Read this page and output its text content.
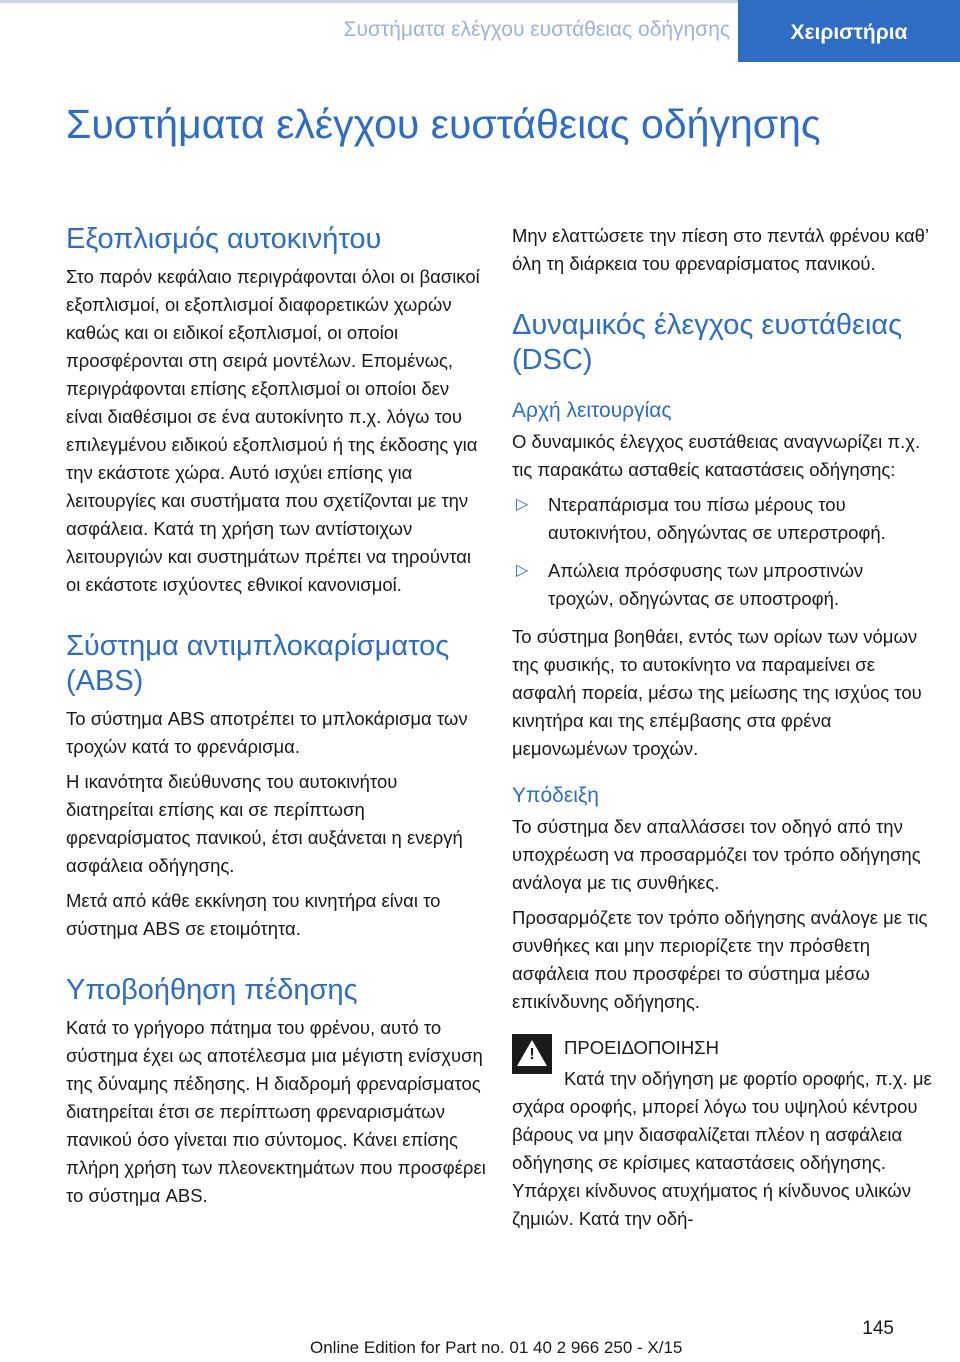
Συστήματα ελέγχου ευστάθειας οδήγησης	Χειριστήρια
Συστήματα ελέγχου ευστάθειας οδήγησης
Εξοπλισμός αυτοκινήτου

Στο παρόν κεφάλαιο περιγράφονται όλοι οι βασικοί εξοπλισμοί, οι εξοπλισμοί διαφορετικών χωρών καθώς και οι ειδικοί εξοπλισμοί, οι οποίοι προσφέρονται στη σειρά μοντέλων. Επομένως, περιγράφονται επίσης εξοπλισμοί οι οποίοι δεν είναι διαθέσιμοι σε ένα αυτοκίνητο π.χ. λόγω του επιλεγμένου ειδικού εξοπλισμού ή της έκδοσης για την εκάστοτε χώρα. Αυτό ισχύει επίσης για λειτουργίες και συστήματα που σχετίζονται με την ασφάλεια. Κατά τη χρήση των αντίστοιχων λειτουργιών και συστημάτων πρέπει να τηρούνται οι εκάστοτε ισχύοντες εθνικοί κανονισμοί.

Σύστημα αντιμπλοκαρίσματος (ABS)

Το σύστημα ABS αποτρέπει το μπλοκάρισμα των τροχών κατά το φρενάρισμα.

Η ικανότητα διεύθυνσης του αυτοκινήτου διατηρείται επίσης και σε περίπτωση φρεναρίσματος πανικού, έτσι αυξάνεται η ενεργή ασφάλεια οδήγησης.

Μετά από κάθε εκκίνηση του κινητήρα είναι το σύστημα ABS σε ετοιμότητα.

Υποβοήθηση πέδησης

Κατά το γρήγορο πάτημα του φρένου, αυτό το σύστημα έχει ως αποτέλεσμα μια μέγιστη ενίσχυση της δύναμης πέδησης. Η διαδρομή φρεναρίσματος διατηρείται έτσι σε περίπτωση φρεναρισμάτων πανικού όσο γίνεται πιο σύντομος. Κάνει επίσης πλήρη χρήση των πλεονεκτημάτων που προσφέρει το σύστημα ABS.

Μην ελαττώσετε την πίεση στο πεντάλ φρένου καθ’ όλη τη διάρκεια του φρεναρίσματος πανικού.

Δυναμικός έλεγχος ευστάθειας (DSC)
Αρχή λειτουργίας

Ο δυναμικός έλεγχος ευστάθειας αναγνωρίζει π.χ. τις παρακάτω ασταθείς καταστάσεις οδήγησης:

▷ Ντεραπάρισμα του πίσω μέρους του αυτοκινήτου, οδηγώντας σε υπερστροφή.
▷ Απώλεια πρόσφυσης των μπροστινών τροχών, οδηγώντας σε υποστροφή.

Το σύστημα βοηθάει, εντός των ορίων των νόμων της φυσικής, το αυτοκίνητο να παραμείνει σε ασφαλή πορεία, μέσω της μείωσης της ισχύος του κινητήρα και της επέμβασης στα φρένα μεμονωμένων τροχών.

Υπόδειξη

Το σύστημα δεν απαλλάσσει τον οδηγό από την υποχρέωση να προσαρμόζει τον τρόπο οδήγησης ανάλογα με τις συνθήκες.

Προσαρμόζετε τον τρόπο οδήγησης ανάλογε με τις συνθήκες και μην περιορίζετε την πρόσθετη ασφάλεια που προσφέρει το σύστημα μέσω επικίνδυνης οδήγησης.

!	ΠΡΟΕΙΔΟΠΟΙΗΣΗ
Κατά την οδήγηση με φορτίο οροφής, π.χ. με σχάρα οροφής, μπορεί λόγω του υψηλού κέντρου βάρους να μην διασφαλίζεται πλέον η ασφάλεια οδήγησης σε κρίσιμες καταστάσεις οδήγησης. Υπάρχει κίνδυνος ατυχήματος ή κίνδυνος υλικών ζημιών. Κατά την οδή-
145
Online Edition for Part no. 01 40 2 966 250 - X/15
